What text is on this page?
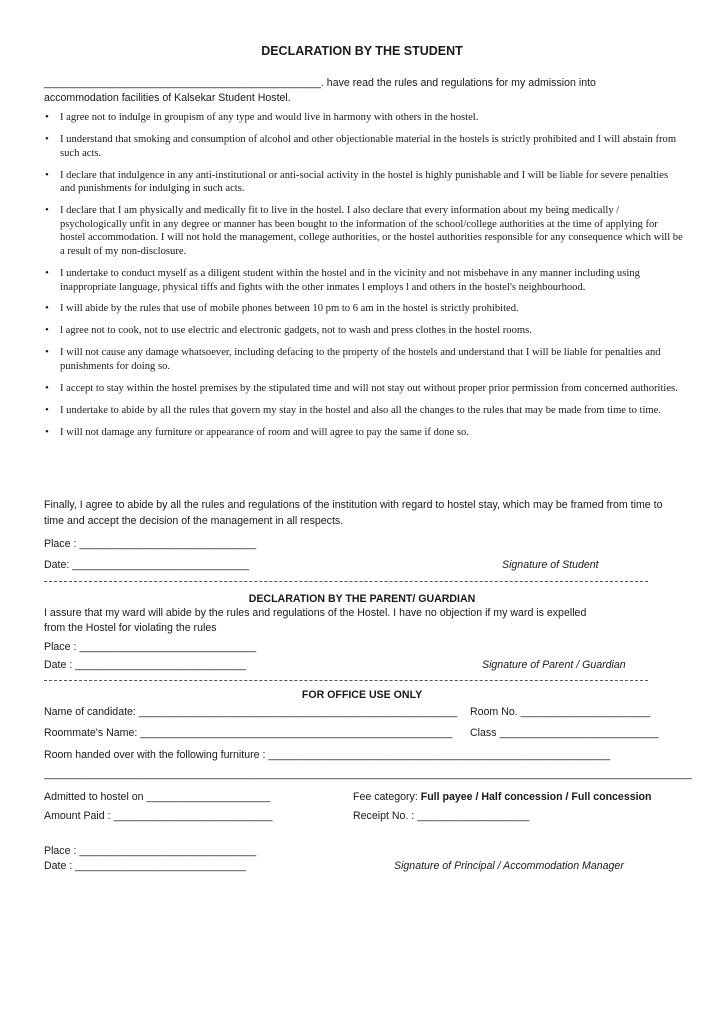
DECLARATION BY THE STUDENT
_______________________________________________. have read the rules and regulations for my admission into
accommodation facilities of Kalsekar Student Hostel.
• I agree not to indulge in groupism of any type and would live in harmony with others in the hostel.
• I understand that smoking and consumption of alcohol and other objectionable material in the hostels is strictly prohibited and I will abstain from such acts.
• I declare that indulgence in any anti-institutional or anti-social activity in the hostel is highly punishable and I will be liable for severe penalties and punishments for indulging in such acts.
• I declare that I am physically and medically fit to live in the hostel. I also declare that every information about my being medically / psychologically unfit in any degree or manner has been bought to the information of the school/college authorities at the time of applying for hostel accommodation. I will not hold the management, college authorities, or the hostel authorities responsible for any consequence which will be a result of my non-disclosure.
• I undertake to conduct myself as a diligent student within the hostel and in the vicinity and not misbehave in any manner including using inappropriate language, physical tiffs and fights with the other inmates l employs l and others in the hostel's neighbourhood.
• I will abide by the rules that use of mobile phones between 10 pm to 6 am in the hostel is strictly prohibited.
• l agree not to cook, not to use electric and electronic gadgets, not to wash and press clothes in the hostel rooms.
• I will not cause any damage whatsoever, including defacing to the property of the hostels and understand that I will be liable for penalties and punishments for doing so.
• I accept to stay within the hostel premises by the stipulated time and will not stay out without proper prior permission from concerned authorities.
• I undertake to abide by all the rules that govern my stay in the hostel and also all the changes to the rules that may be made from time to time.
• I will not damage any furniture or appearance of room and will agree to pay the same if done so.
Finally, I agree to abide by all the rules and regulations of the institution with regard to hostel stay, which may be framed from time to time and accept the decision of the management in all respects.
Place : ______________________________
Date: ______________________________	Signature of Student
DECLARATION BY THE PARENT/ GUARDIAN
I assure that my ward will abide by the rules and regulations of the Hostel. I have no objection if my ward is expelled
from the Hostel for violating the rules
Place : ______________________________
Date : _____________________________	Signature of Parent / Guardian
FOR OFFICE USE ONLY
Name of candidate: ______________________________________________________ Room No. ______________________
Roommate's Name: _____________________________________________________ Class ___________________________
Room handed over with the following furniture : __________________________________________________________
______________________________________________________________________________________________________________
Admitted to hostel on _____________________	Fee category: Full payee / Half concession / Full concession
Amount Paid : ___________________________	Receipt No. : ___________________
Place : ______________________________
Date : _____________________________	Signature of Principal / Accommodation Manager
